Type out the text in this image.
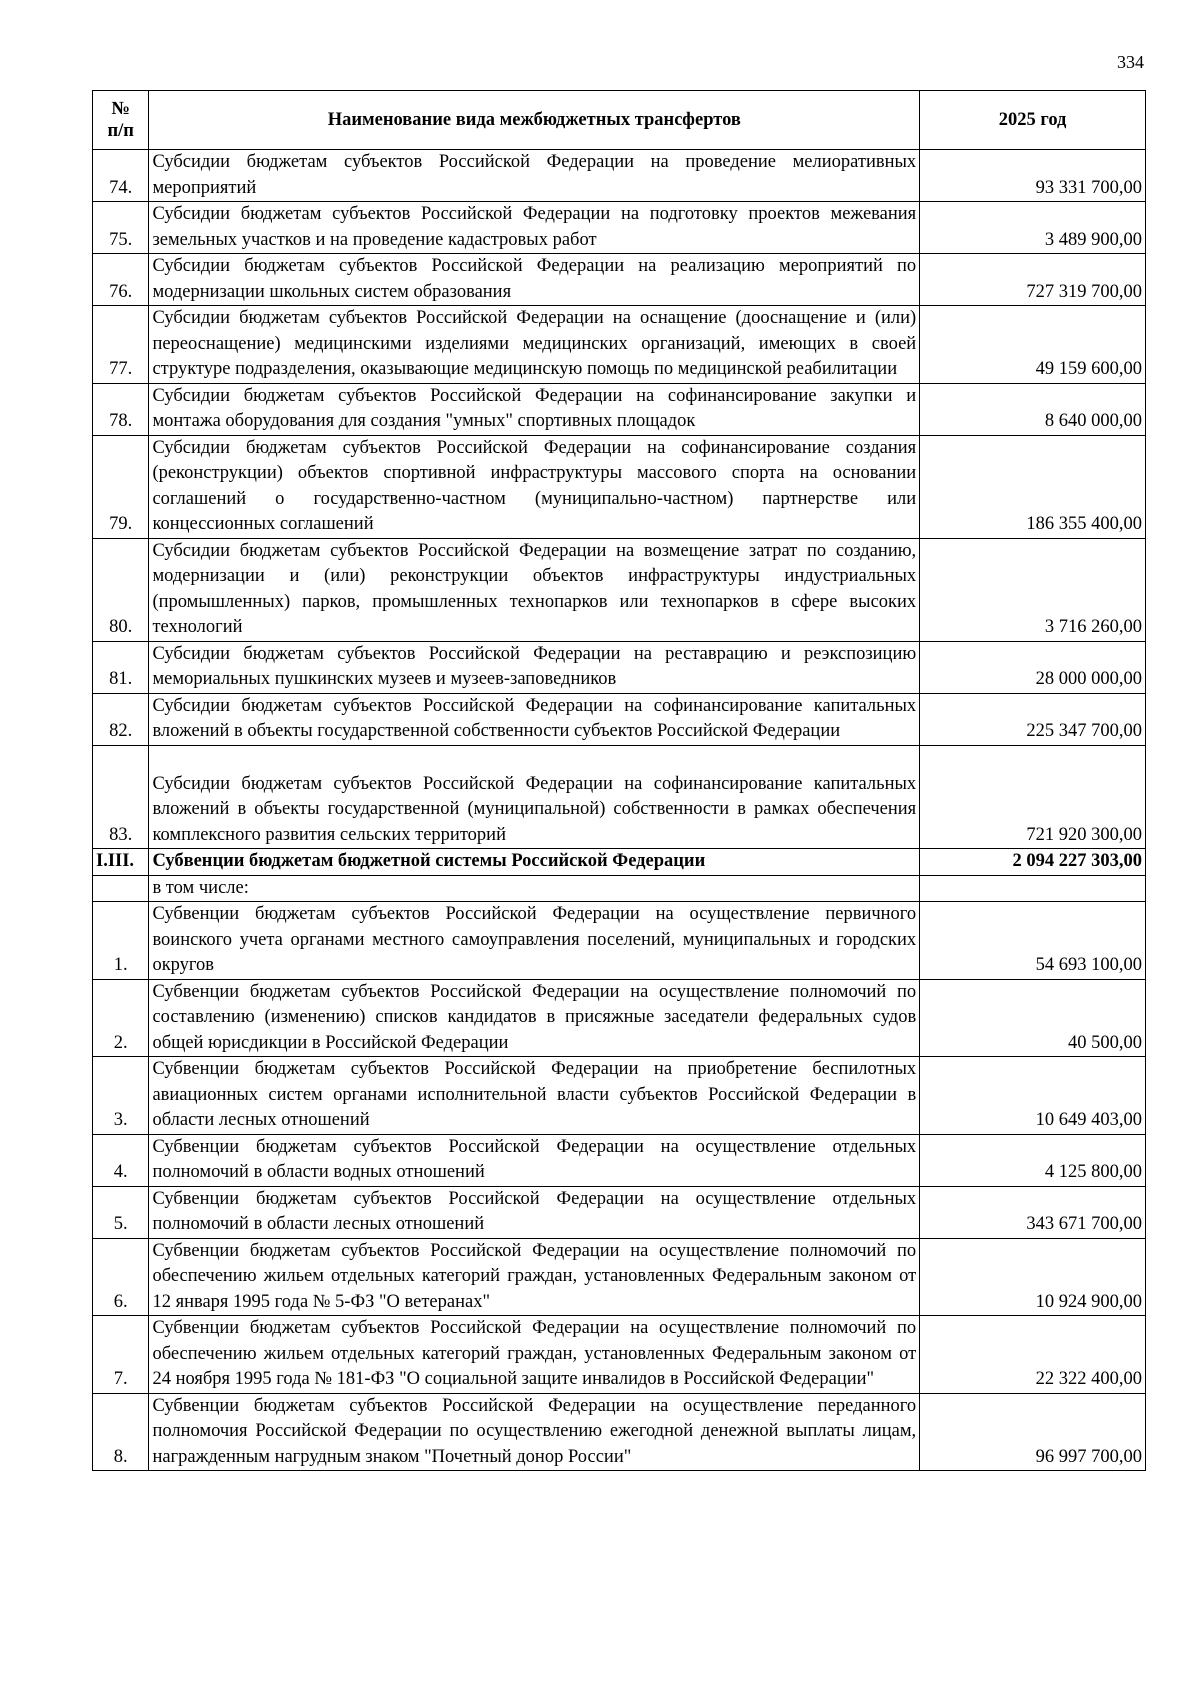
334
№
п/п	Наименование вида межбюджетных трансфертов	2025 год
74.	Субсидии бюджетам субъектов Российской Федерации на проведение мелиоративных мероприятий	93 331 700,00
75.	Субсидии бюджетам субъектов Российской Федерации на подготовку проектов межевания земельных участков и на проведение кадастровых работ	3 489 900,00
76.	Субсидии бюджетам субъектов Российской Федерации на реализацию мероприятий по модернизации школьных систем образования	727 319 700,00
77.	Субсидии бюджетам субъектов Российской Федерации на оснащение (дооснащение и (или) переоснащение) медицинскими изделиями медицинских организаций, имеющих в своей структуре подразделения, оказывающие медицинскую помощь по медицинской реабилитации	49 159 600,00
78.	Субсидии бюджетам субъектов Российской Федерации на софинансирование закупки и монтажа оборудования для создания "умных" спортивных площадок	8 640 000,00
79.	Субсидии бюджетам субъектов Российской Федерации на софинансирование создания (реконструкции) объектов спортивной инфраструктуры массового спорта на основании соглашений о государственно-частном (муниципально-частном) партнерстве или концессионных соглашений	186 355 400,00
80.	Субсидии бюджетам субъектов Российской Федерации на возмещение затрат по созданию, модернизации и (или) реконструкции объектов инфраструктуры индустриальных (промышленных) парков, промышленных технопарков или технопарков в сфере высоких технологий	3 716 260,00
81.	Субсидии бюджетам субъектов Российской Федерации на реставрацию и реэкспозицию мемориальных пушкинских музеев и музеев-заповедников	28 000 000,00
82.	Субсидии бюджетам субъектов Российской Федерации на софинансирование капитальных вложений в объекты государственной собственности субъектов Российской Федерации	225 347 700,00
83.	Субсидии бюджетам субъектов Российской Федерации на софинансирование капитальных вложений в объекты государственной (муниципальной) собственности в рамках обеспечения комплексного развития сельских территорий	721 920 300,00
I.III.	Субвенции бюджетам бюджетной системы Российской Федерации	2 094 227 303,00
	в том числе:	
1.	Субвенции бюджетам субъектов Российской Федерации на осуществление первичного воинского учета органами местного самоуправления поселений, муниципальных и городских округов	54 693 100,00
2.	Субвенции бюджетам субъектов Российской Федерации на осуществление полномочий по составлению (изменению) списков кандидатов в присяжные заседатели федеральных судов общей юрисдикции в Российской Федерации	40 500,00
3.	Субвенции бюджетам субъектов Российской Федерации на приобретение беспилотных авиационных систем органами исполнительной власти субъектов Российской Федерации в области лесных отношений	10 649 403,00
4.	Субвенции бюджетам субъектов Российской Федерации на осуществление отдельных полномочий в области водных отношений	4 125 800,00
5.	Субвенции бюджетам субъектов Российской Федерации на осуществление отдельных полномочий в области лесных отношений	343 671 700,00
6.	Субвенции бюджетам субъектов Российской Федерации на осуществление полномочий по обеспечению жильем отдельных категорий граждан, установленных Федеральным законом от 12 января 1995 года № 5-ФЗ "О ветеранах"	10 924 900,00
7.	Субвенции бюджетам субъектов Российской Федерации на осуществление полномочий по обеспечению жильем отдельных категорий граждан, установленных Федеральным законом от 24 ноября 1995 года № 181-ФЗ "О социальной защите инвалидов в Российской Федерации"	22 322 400,00
8.	Субвенции бюджетам субъектов Российской Федерации на осуществление переданного полномочия Российской Федерации по осуществлению ежегодной денежной выплаты лицам, награжденным нагрудным знаком "Почетный донор России"	96 997 700,00
